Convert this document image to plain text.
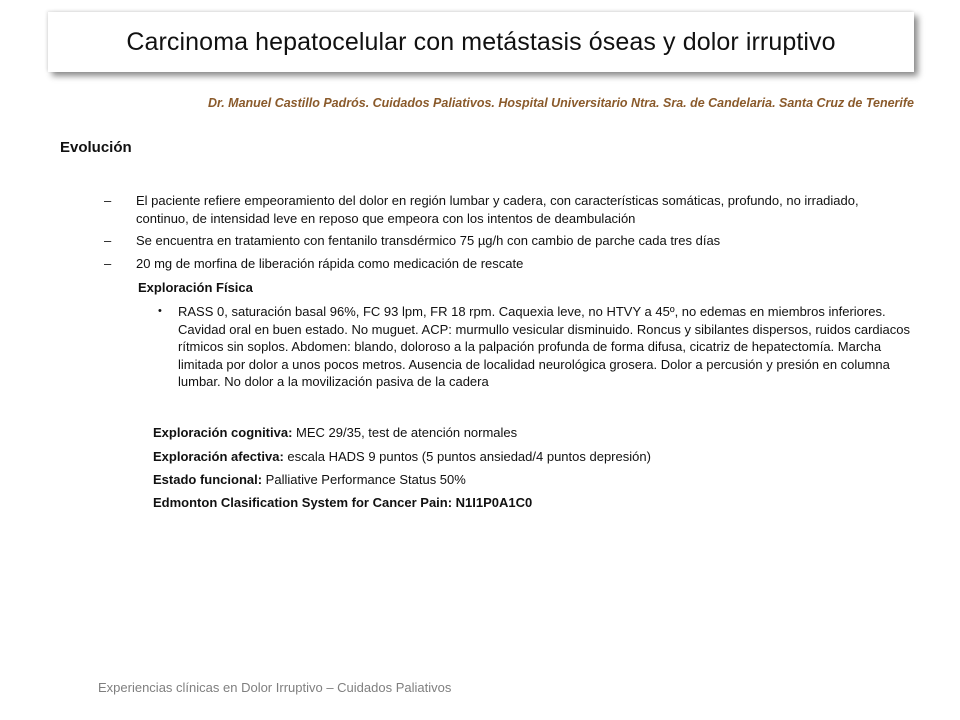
Carcinoma hepatocelular con metástasis óseas y dolor irruptivo
Dr. Manuel Castillo Padrós. Cuidados Paliativos. Hospital Universitario Ntra. Sra. de Candelaria. Santa Cruz de Tenerife
Evolución
– El paciente refiere empeoramiento del dolor en región lumbar y cadera, con características somáticas, profundo, no irradiado, continuo, de intensidad leve en reposo que empeora con los intentos de deambulación
– Se encuentra en tratamiento con fentanilo transdérmico 75 µg/h con cambio de parche cada tres días
– 20 mg de morfina de liberación rápida como medicación de rescate
Exploración Física
• RASS 0, saturación basal 96%, FC 93 lpm, FR 18 rpm. Caquexia leve, no HTVY a 45º, no edemas en miembros inferiores. Cavidad oral en buen estado. No muguet. ACP: murmullo vesicular disminuido. Roncus y sibilantes dispersos, ruidos cardiacos rítmicos sin soplos. Abdomen: blando, doloroso a la palpación profunda de forma difusa, cicatriz de hepatectomía. Marcha limitada por dolor a unos pocos metros. Ausencia de localidad neurológica grosera. Dolor a percusión y presión en columna lumbar. No dolor a la movilización pasiva de la cadera
Exploración cognitiva: MEC 29/35, test de atención normales
Exploración afectiva: escala HADS 9 puntos (5 puntos ansiedad/4 puntos depresión)
Estado funcional: Palliative Performance Status 50%
Edmonton Clasification System for Cancer Pain: N1I1P0A1C0
Experiencias clínicas en Dolor Irruptivo – Cuidados Paliativos
